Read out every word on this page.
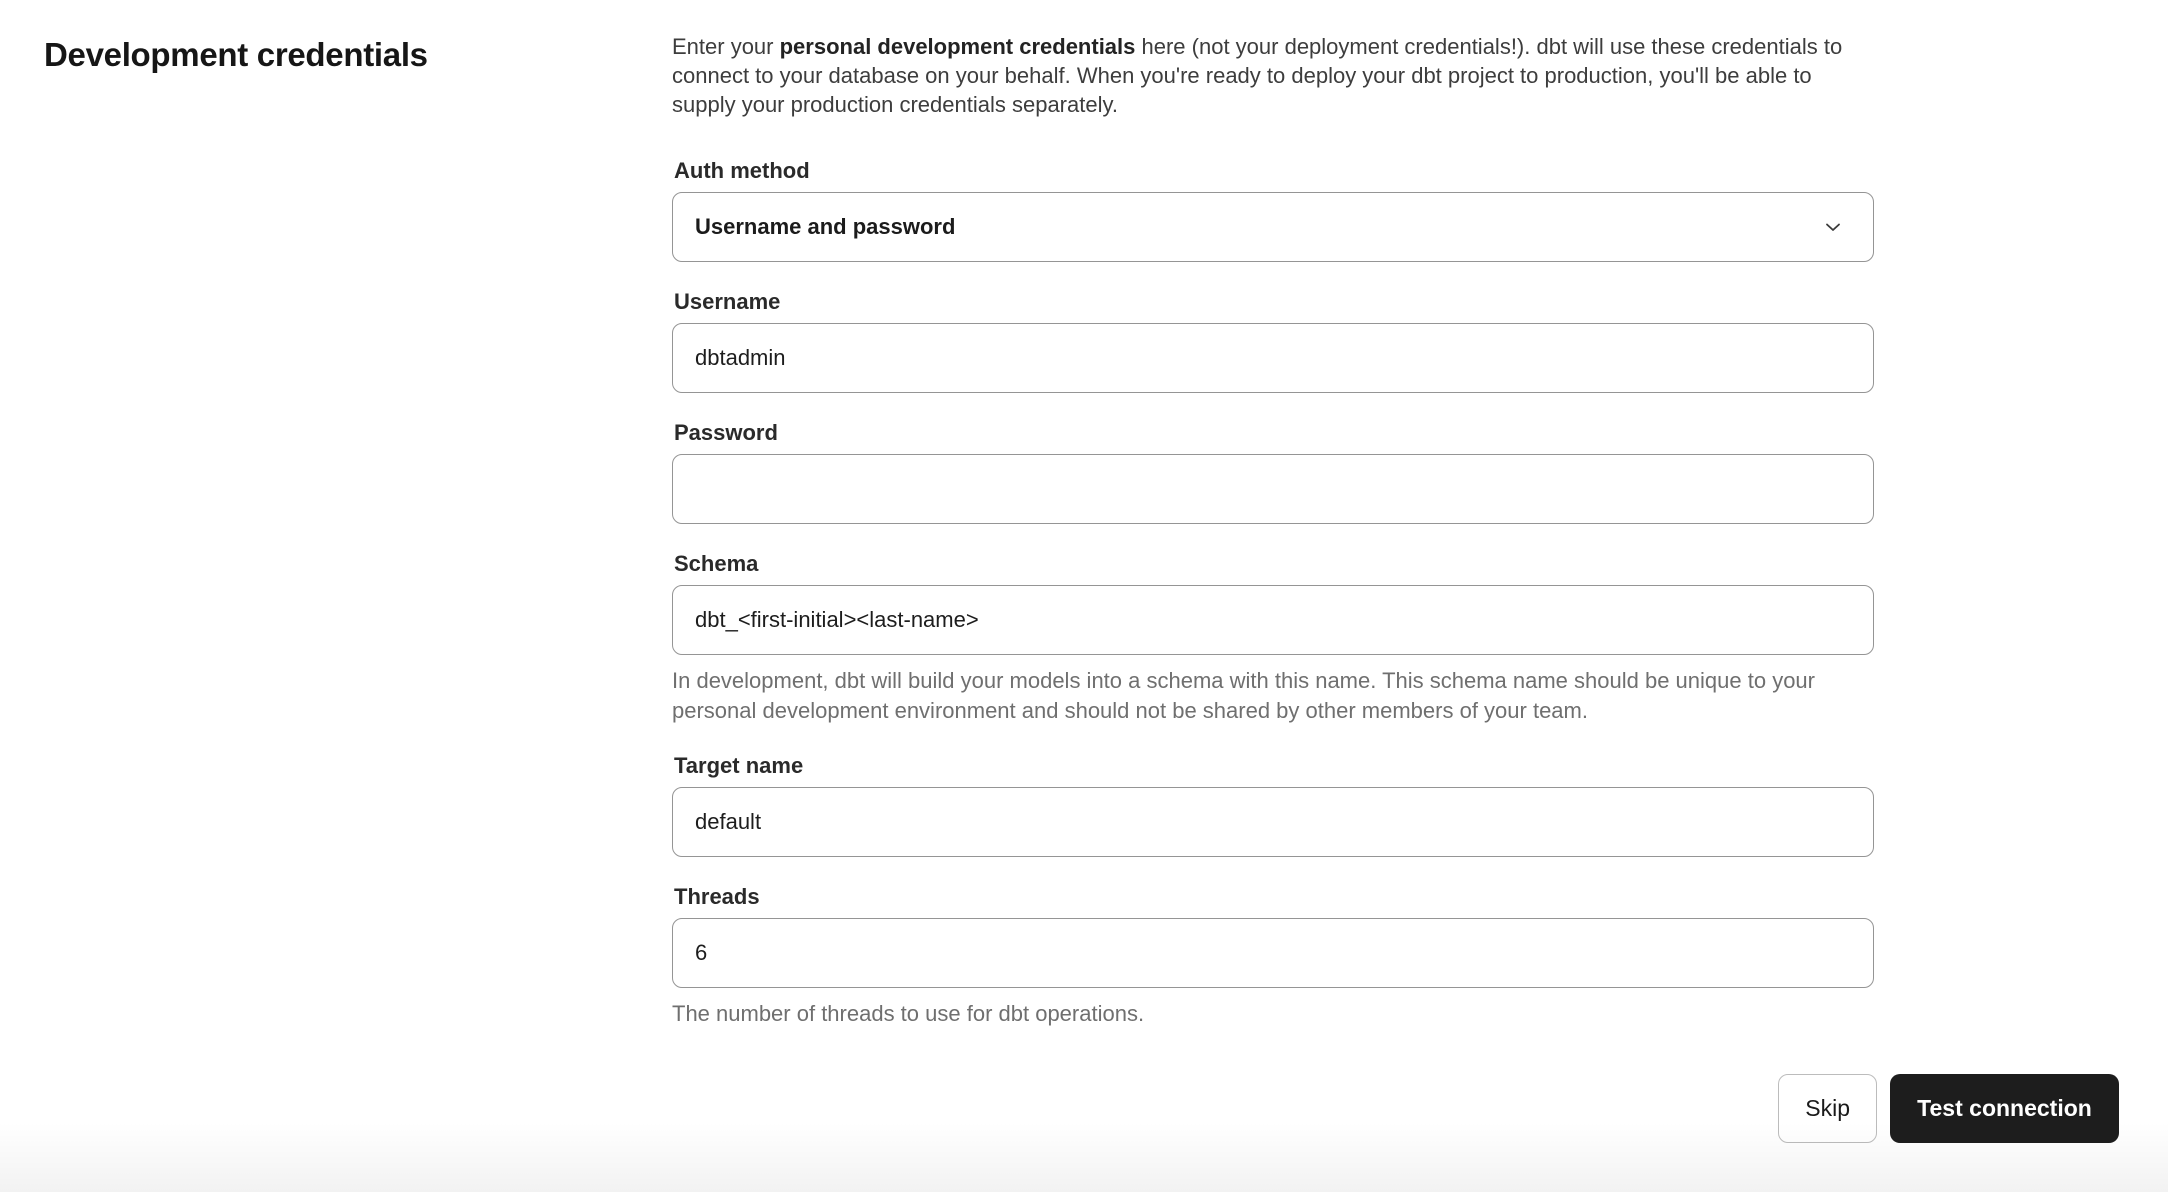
Development credentials	Enter your personal development credentials here (not your deployment credentials!). dbt will use these credentials to connect to your database on your behalf. When you're ready to deploy your dbt project to production, you'll be able to supply your production credentials separately.

Auth method
Username and password
Username
dbtadmin
Password
Schema
dbt_<first-initial><last-name>

In development, dbt will build your models into a schema with this name. This schema name should be unique to your personal development environment and should not be shared by other members of your team.

Target name
default
Threads
6

The number of threads to use for dbt operations.

Skip	Test connection
